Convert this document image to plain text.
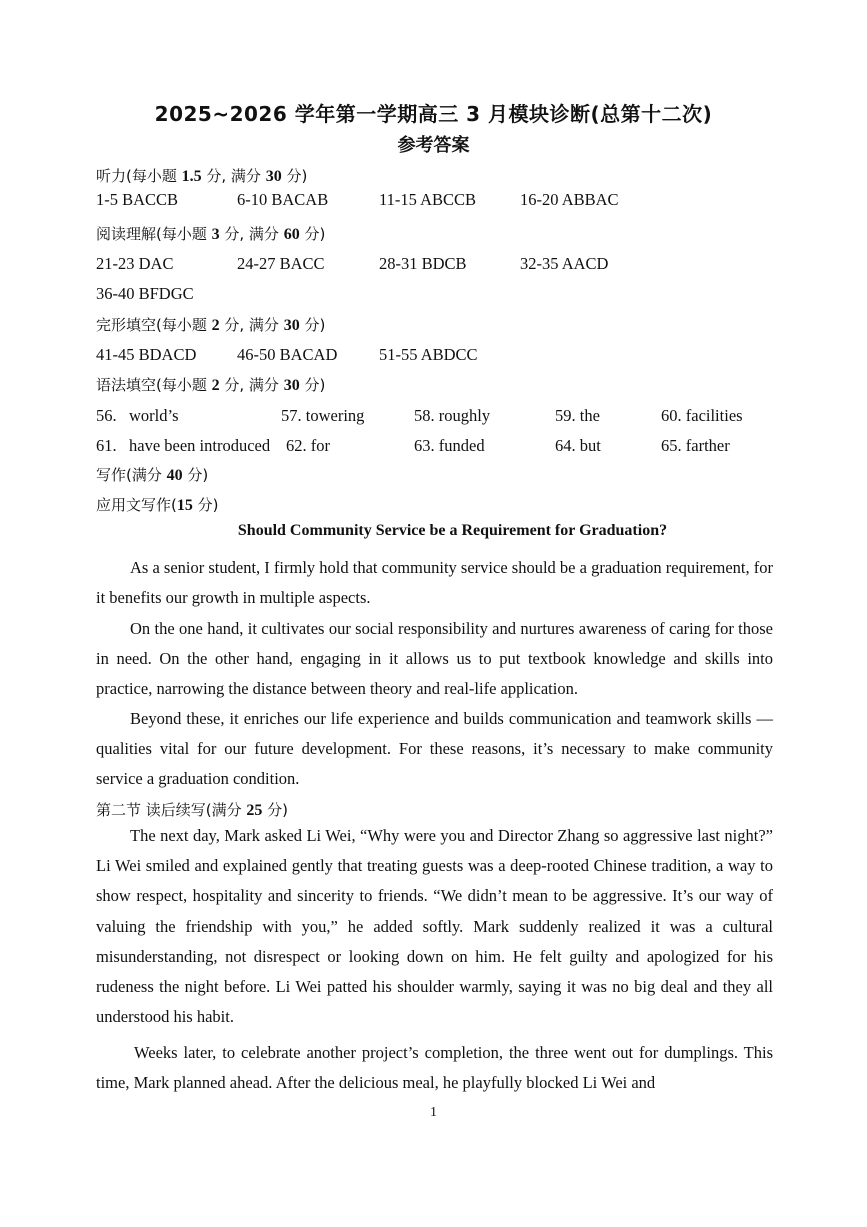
2025~2026 学年第一学期高三 3 月模块诊断(总第十二次)
参考答案
听力(每小题 1.5 分, 满分 30 分)
1-5 BACCB	6-10 BACAB	11-15 ABCCB	16-20 ABBAC
阅读理解(每小题 3 分, 满分 60 分)
21-23 DAC	24-27 BACC	28-31 BDCB	32-35 AACD
36-40 BFDGC
完形填空(每小题 2 分, 满分 30 分)
41-45 BDACD 46-50 BACAD	51-55 ABDCC
语法填空(每小题 2 分, 满分 30 分)
56.   world’s	57. towering	58. roughly	59. the	60. facilities
61.   have been introduced 62. for	63. funded	64. but	65. farther
写作(满分 40 分)
应用文写作(15 分)
Should Community Service be a Requirement for Graduation?

As a senior student, I firmly hold that community service should be a graduation requirement, for it benefits our growth in multiple aspects.

On the one hand, it cultivates our social responsibility and nurtures awareness of caring for those in need. On the other hand, engaging in it allows us to put textbook knowledge and skills into practice, narrowing the distance between theory and real-life application.

Beyond these, it enriches our life experience and builds communication and teamwork skills — qualities vital for our future development. For these reasons, it’s necessary to make community service a graduation condition.

第二节 读后续写(满分 25 分)

The next day, Mark asked Li Wei, “Why were you and Director Zhang so aggressive last night?” Li Wei smiled and explained gently that treating guests was a deep-rooted Chinese tradition, a way to show respect, hospitality and sincerity to friends. “We didn’t mean to be aggressive. It’s our way of valuing the friendship with you,” he added softly. Mark suddenly realized it was a cultural misunderstanding, not disrespect or looking down on him. He felt guilty and apologized for his rudeness the night before. Li Wei patted his shoulder warmly, saying it was no big deal and they all understood his habit.

Weeks later, to celebrate another project’s completion, the three went out for dumplings. This time, Mark planned ahead. After the delicious meal, he playfully blocked Li Wei and

1
